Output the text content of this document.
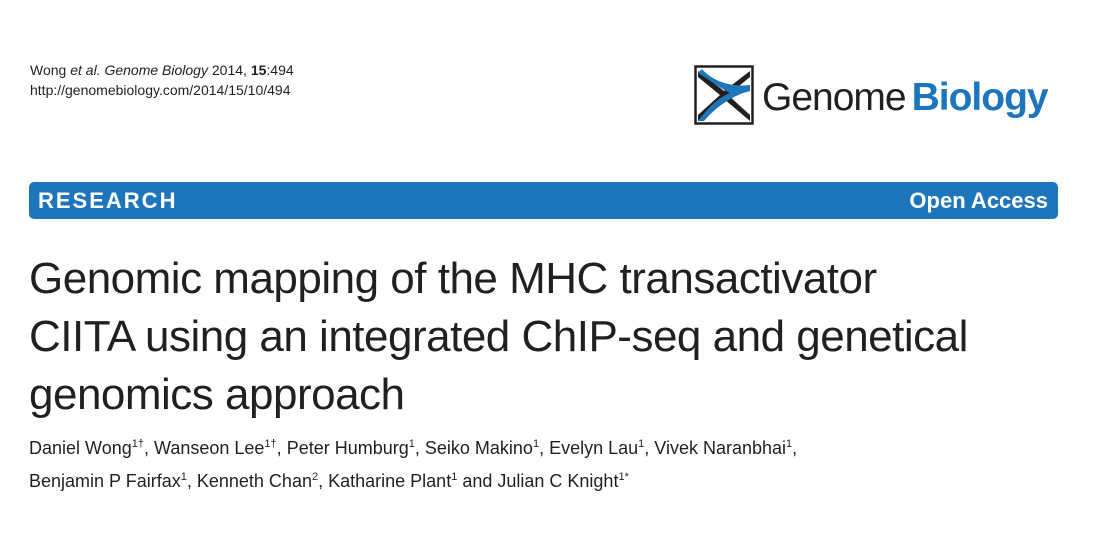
Wong et al. Genome Biology 2014, 15:494
http://genomebiology.com/2014/15/10/494	Genome Biology
RESEARCH	Open Access
Genomic mapping of the MHC transactivator
CIITA using an integrated ChIP-seq and genetical
genomics approach
Daniel Wong$^{1\dagger}$, Wanseon Lee$^{1\dagger}$, Peter Humburg$^1$, Seiko Makino$^1$, Evelyn Lau$^1$, Vivek Naranbhai$^1$,
Benjamin P Fairfax$^1$, Kenneth Chan$^2$, Katharine Plant$^1$ and Julian C Knight$^{1*}$
